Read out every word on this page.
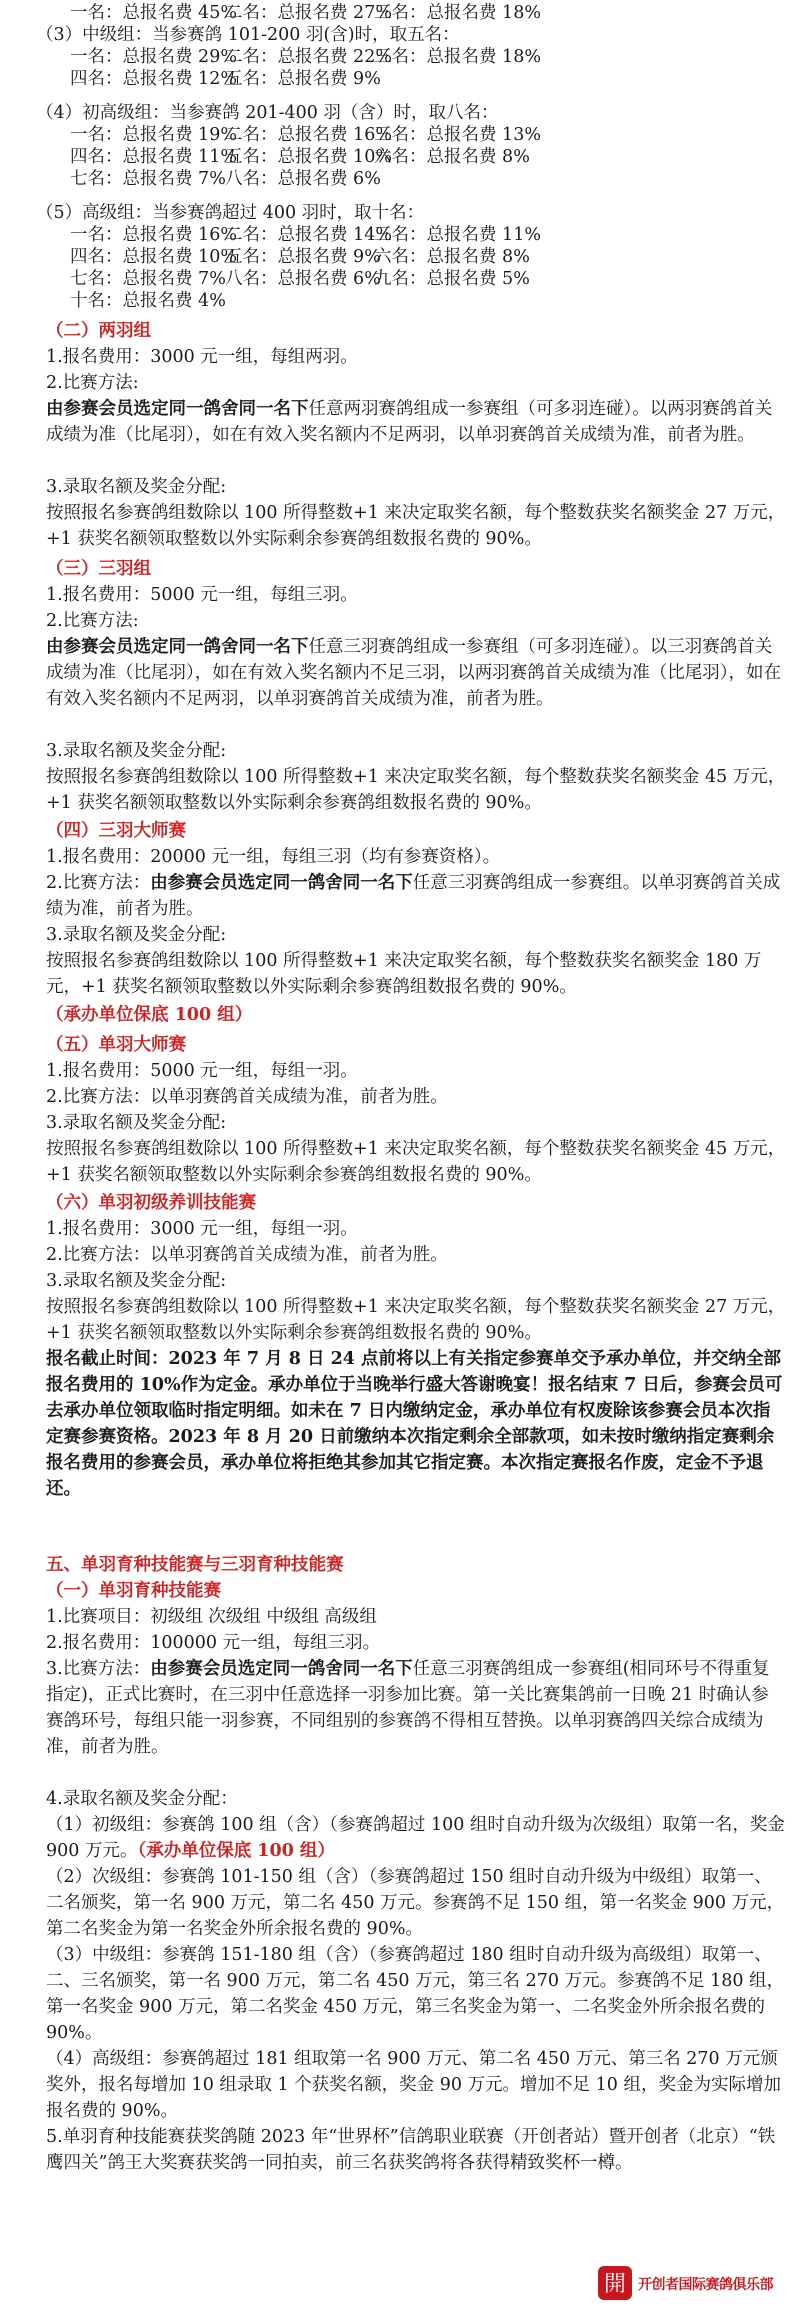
一名：总报名费 45%
二名：总报名费 27%
三名：总报名费 18%
（3）中级组：当参赛鸽 101-200 羽(含)时，取五名：
一名：总报名费 29%
二名：总报名费 22%
三名：总报名费 18%
四名：总报名费 12%
五名：总报名费 9%
（4）初高级组：当参赛鸽 201-400 羽（含）时，取八名：
一名：总报名费 19%
二名：总报名费 16%
三名：总报名费 13%
四名：总报名费 11%
五名：总报名费 10%
六名：总报名费 8%
七名：总报名费 7% 八名：总报名费 6%
（5）高级组：当参赛鸽超过 400 羽时，取十名：
一名：总报名费 16%
二名：总报名费 14%
三名：总报名费 11%
四名：总报名费 10%
五名：总报名费 9%
六名：总报名费 8%
七名：总报名费 7% 八名：总报名费 6%
九名：总报名费 5%
十名：总报名费 4%
（二）两羽组
1.报名费用：3000 元一组，每组两羽。
2.比赛方法:
由参赛会员选定同一鸽舍同一名下任意两羽赛鸽组成一参赛组（可多羽连碰）。以两羽赛鸽首关成绩为准（比尾羽），如在有效入奖名额内不足两羽，以单羽赛鸽首关成绩为准，前者为胜。
3.录取名额及奖金分配:
按照报名参赛鸽组数除以 100 所得整数+1 来决定取奖名额，每个整数获奖名额奖金 27 万元，+1 获奖名额领取整数以外实际剩余参赛鸽组数报名费的 90%。
（三）三羽组
1.报名费用：5000 元一组，每组三羽。
2.比赛方法:
由参赛会员选定同一鸽舍同一名下任意三羽赛鸽组成一参赛组（可多羽连碰）。以三羽赛鸽首关成绩为准（比尾羽），如在有效入奖名额内不足三羽，以两羽赛鸽首关成绩为准（比尾羽），如在有效入奖名额内不足两羽，以单羽赛鸽首关成绩为准，前者为胜。
3.录取名额及奖金分配:
按照报名参赛鸽组数除以 100 所得整数+1 来决定取奖名额，每个整数获奖名额奖金 45 万元，+1 获奖名额领取整数以外实际剩余参赛鸽组数报名费的 90%。
（四）三羽大师赛
1.报名费用：20000 元一组，每组三羽（均有参赛资格）。
2.比赛方法：由参赛会员选定同一鸽舍同一名下任意三羽赛鸽组成一参赛组。以单羽赛鸽首关成绩为准，前者为胜。
3.录取名额及奖金分配:
按照报名参赛鸽组数除以 100 所得整数+1 来决定取奖名额，每个整数获奖名额奖金 180 万元，+1 获奖名额领取整数以外实际剩余参赛鸽组数报名费的 90%。
（承办单位保底 100 组）
（五）单羽大师赛
1.报名费用：5000 元一组，每组一羽。
2.比赛方法：以单羽赛鸽首关成绩为准，前者为胜。
3.录取名额及奖金分配:
按照报名参赛鸽组数除以 100 所得整数+1 来决定取奖名额，每个整数获奖名额奖金 45 万元，+1 获奖名额领取整数以外实际剩余参赛鸽组数报名费的 90%。
（六）单羽初级养训技能赛
1.报名费用：3000 元一组，每组一羽。
2.比赛方法：以单羽赛鸽首关成绩为准，前者为胜。
3.录取名额及奖金分配:
按照报名参赛鸽组数除以 100 所得整数+1 来决定取奖名额，每个整数获奖名额奖金 27 万元，+1 获奖名额领取整数以外实际剩余参赛鸽组数报名费的 90%。
报名截止时间：2023 年 7 月 8 日 24 点前将以上有关指定参赛单交予承办单位，并交纳全部报名费用的 10%作为定金。承办单位于当晚举行盛大答谢晚宴！报名结束 7 日后，参赛会员可去承办单位领取临时指定明细。如未在 7 日内缴纳定金，承办单位有权废除该参赛会员本次指定赛参赛资格。2023 年 8 月 20 日前缴纳本次指定剩余全部款项，如未按时缴纳指定赛剩余报名费用的参赛会员，承办单位将拒绝其参加其它指定赛。本次指定赛报名作废，定金不予退还。
五、单羽育种技能赛与三羽育种技能赛
（一）单羽育种技能赛
1.比赛项目：初级组 次级组 中级组 高级组
2.报名费用：100000 元一组，每组三羽。
3.比赛方法：由参赛会员选定同一鸽舍同一名下任意三羽赛鸽组成一参赛组(相同环号不得重复指定)，正式比赛时，在三羽中任意选择一羽参加比赛。第一关比赛集鸽前一日晚 21 时确认参赛鸽环号，每组只能一羽参赛，不同组别的参赛鸽不得相互替换。以单羽赛鸽四关综合成绩为准，前者为胜。
4.录取名额及奖金分配：
（1）初级组：参赛鸽 100 组（含）（参赛鸽超过 100 组时自动升级为次级组）取第一名，奖金 900 万元。（承办单位保底 100 组）
（2）次级组：参赛鸽 101-150 组（含）（参赛鸽超过 150 组时自动升级为中级组）取第一、二名颁奖，第一名 900 万元，第二名 450 万元。参赛鸽不足 150 组，第一名奖金 900 万元，第二名奖金为第一名奖金外所余报名费的 90%。
（3）中级组：参赛鸽 151-180 组（含）（参赛鸽超过 180 组时自动升级为高级组）取第一、二、三名颁奖，第一名 900 万元，第二名 450 万元，第三名 270 万元。参赛鸽不足 180 组，第一名奖金 900 万元，第二名奖金 450 万元，第三名奖金为第一、二名奖金外所余报名费的 90%。
（4）高级组：参赛鸽超过 181 组取第一名 900 万元、第二名 450 万元、第三名 270 万元颁奖外，报名每增加 10 组录取 1 个获奖名额，奖金 90 万元。增加不足 10 组，奖金为实际增加报名费的 90%。
5.单羽育种技能赛获奖鸽随 2023 年“世界杯”信鸽职业联赛（开创者站）暨开创者（北京）“铁鹰四关”鸽王大奖赛获奖鸽一同拍卖，前三名获奖鸽将各获得精致奖杯一樽。
開 开创者国际赛鸽俱乐部
